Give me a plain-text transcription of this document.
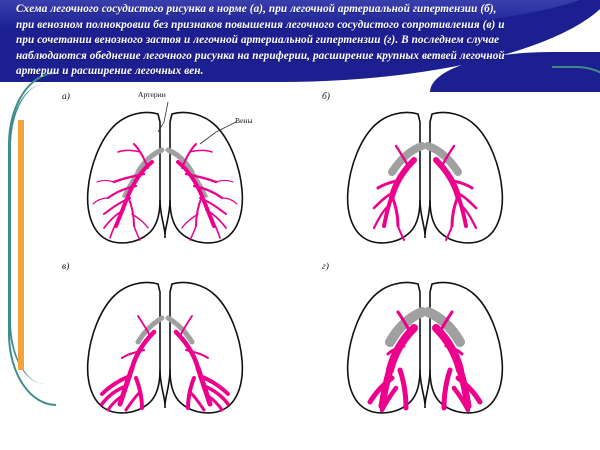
Схема легочного сосудистого рисунка в норме (а), при легочной артериальной гипертензии (б),

при венозном полнокровии без признаков повышения легочного сосудистого сопротивления (в) и

при сочетании венозного застоя и легочной артериальной гипертензии (г). В последнем случае

наблюдаются обеднение легочного рисунка на периферии, расширение крупных ветвей легочной

артерии и расширение легочных вен.

а)	Артерии
Вены
б)
в)	г)
